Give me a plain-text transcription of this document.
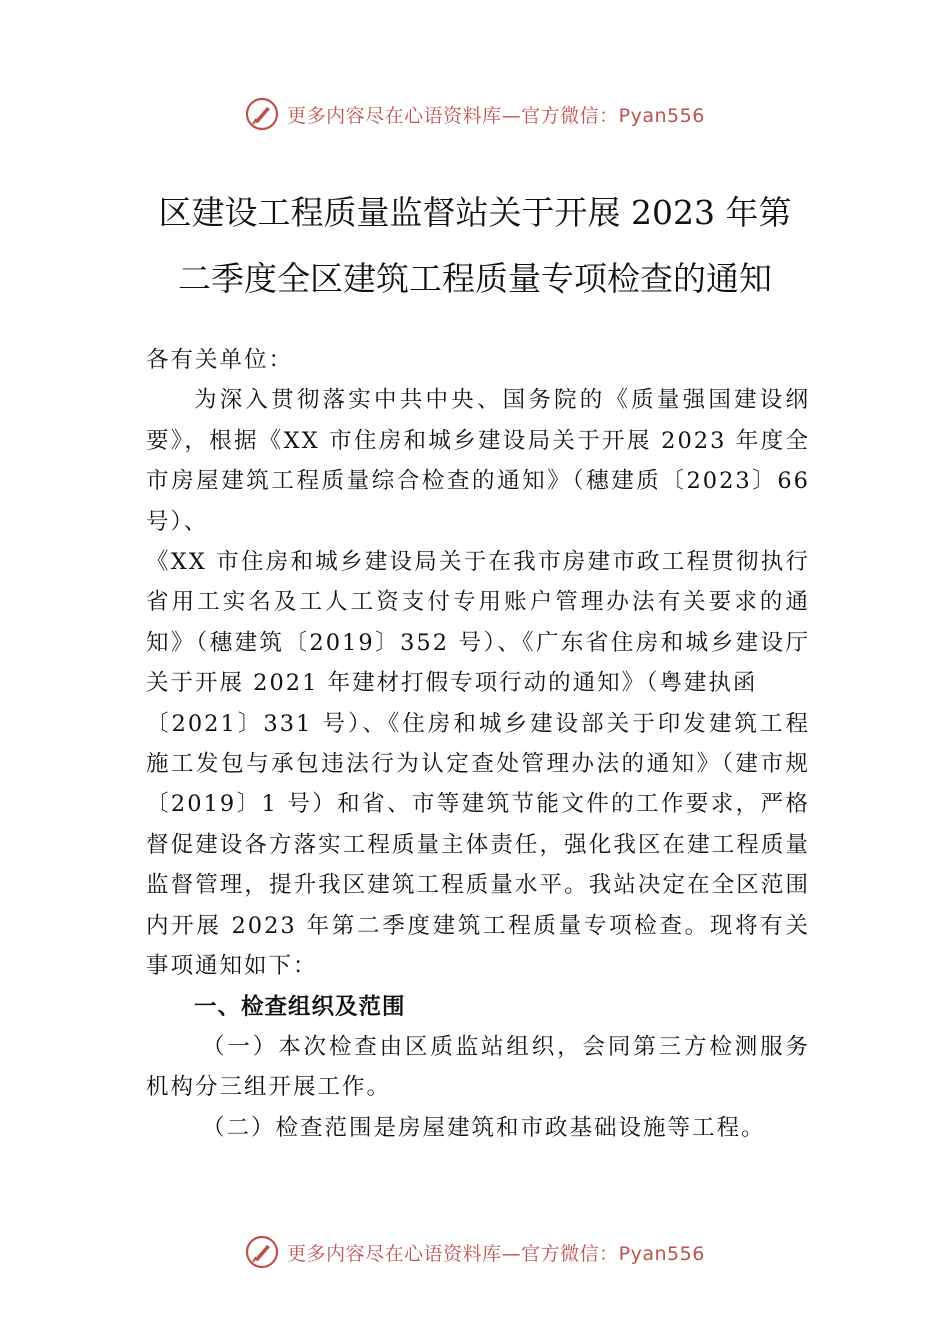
更多内容尽在心语资料库—官方微信：Pyan556
区建设工程质量监督站关于开展 2023 年第
二季度全区建筑工程质量专项检查的通知

各有关单位：

为深入贯彻落实中共中央、国务院的《质量强国建设纲要》，根据《XX 市住房和城乡建设局关于开展 2023 年度全市房屋建筑工程质量综合检查的通知》（穗建质〔2023〕66 号）、

《XX 市住房和城乡建设局关于在我市房建市政工程贯彻执行省用工实名及工人工资支付专用账户管理办法有关要求的通知》（穗建筑〔2019〕352 号）、《广东省住房和城乡建设厅关于开展 2021 年建材打假专项行动的通知》（粤建执函

〔2021〕331 号）、《住房和城乡建设部关于印发建筑工程施工发包与承包违法行为认定查处管理办法的通知》（建市规〔2019〕1 号）和省、市等建筑节能文件的工作要求，严格督促建设各方落实工程质量主体责任，强化我区在建工程质量监督管理，提升我区建筑工程质量水平。我站决定在全区范围内开展 2023 年第二季度建筑工程质量专项检查。现将有关事项通知如下：

一、检查组织及范围

（一）本次检查由区质监站组织，会同第三方检测服务机构分三组开展工作。

（二）检查范围是房屋建筑和市政基础设施等工程。

更多内容尽在心语资料库—官方微信：Pyan556
